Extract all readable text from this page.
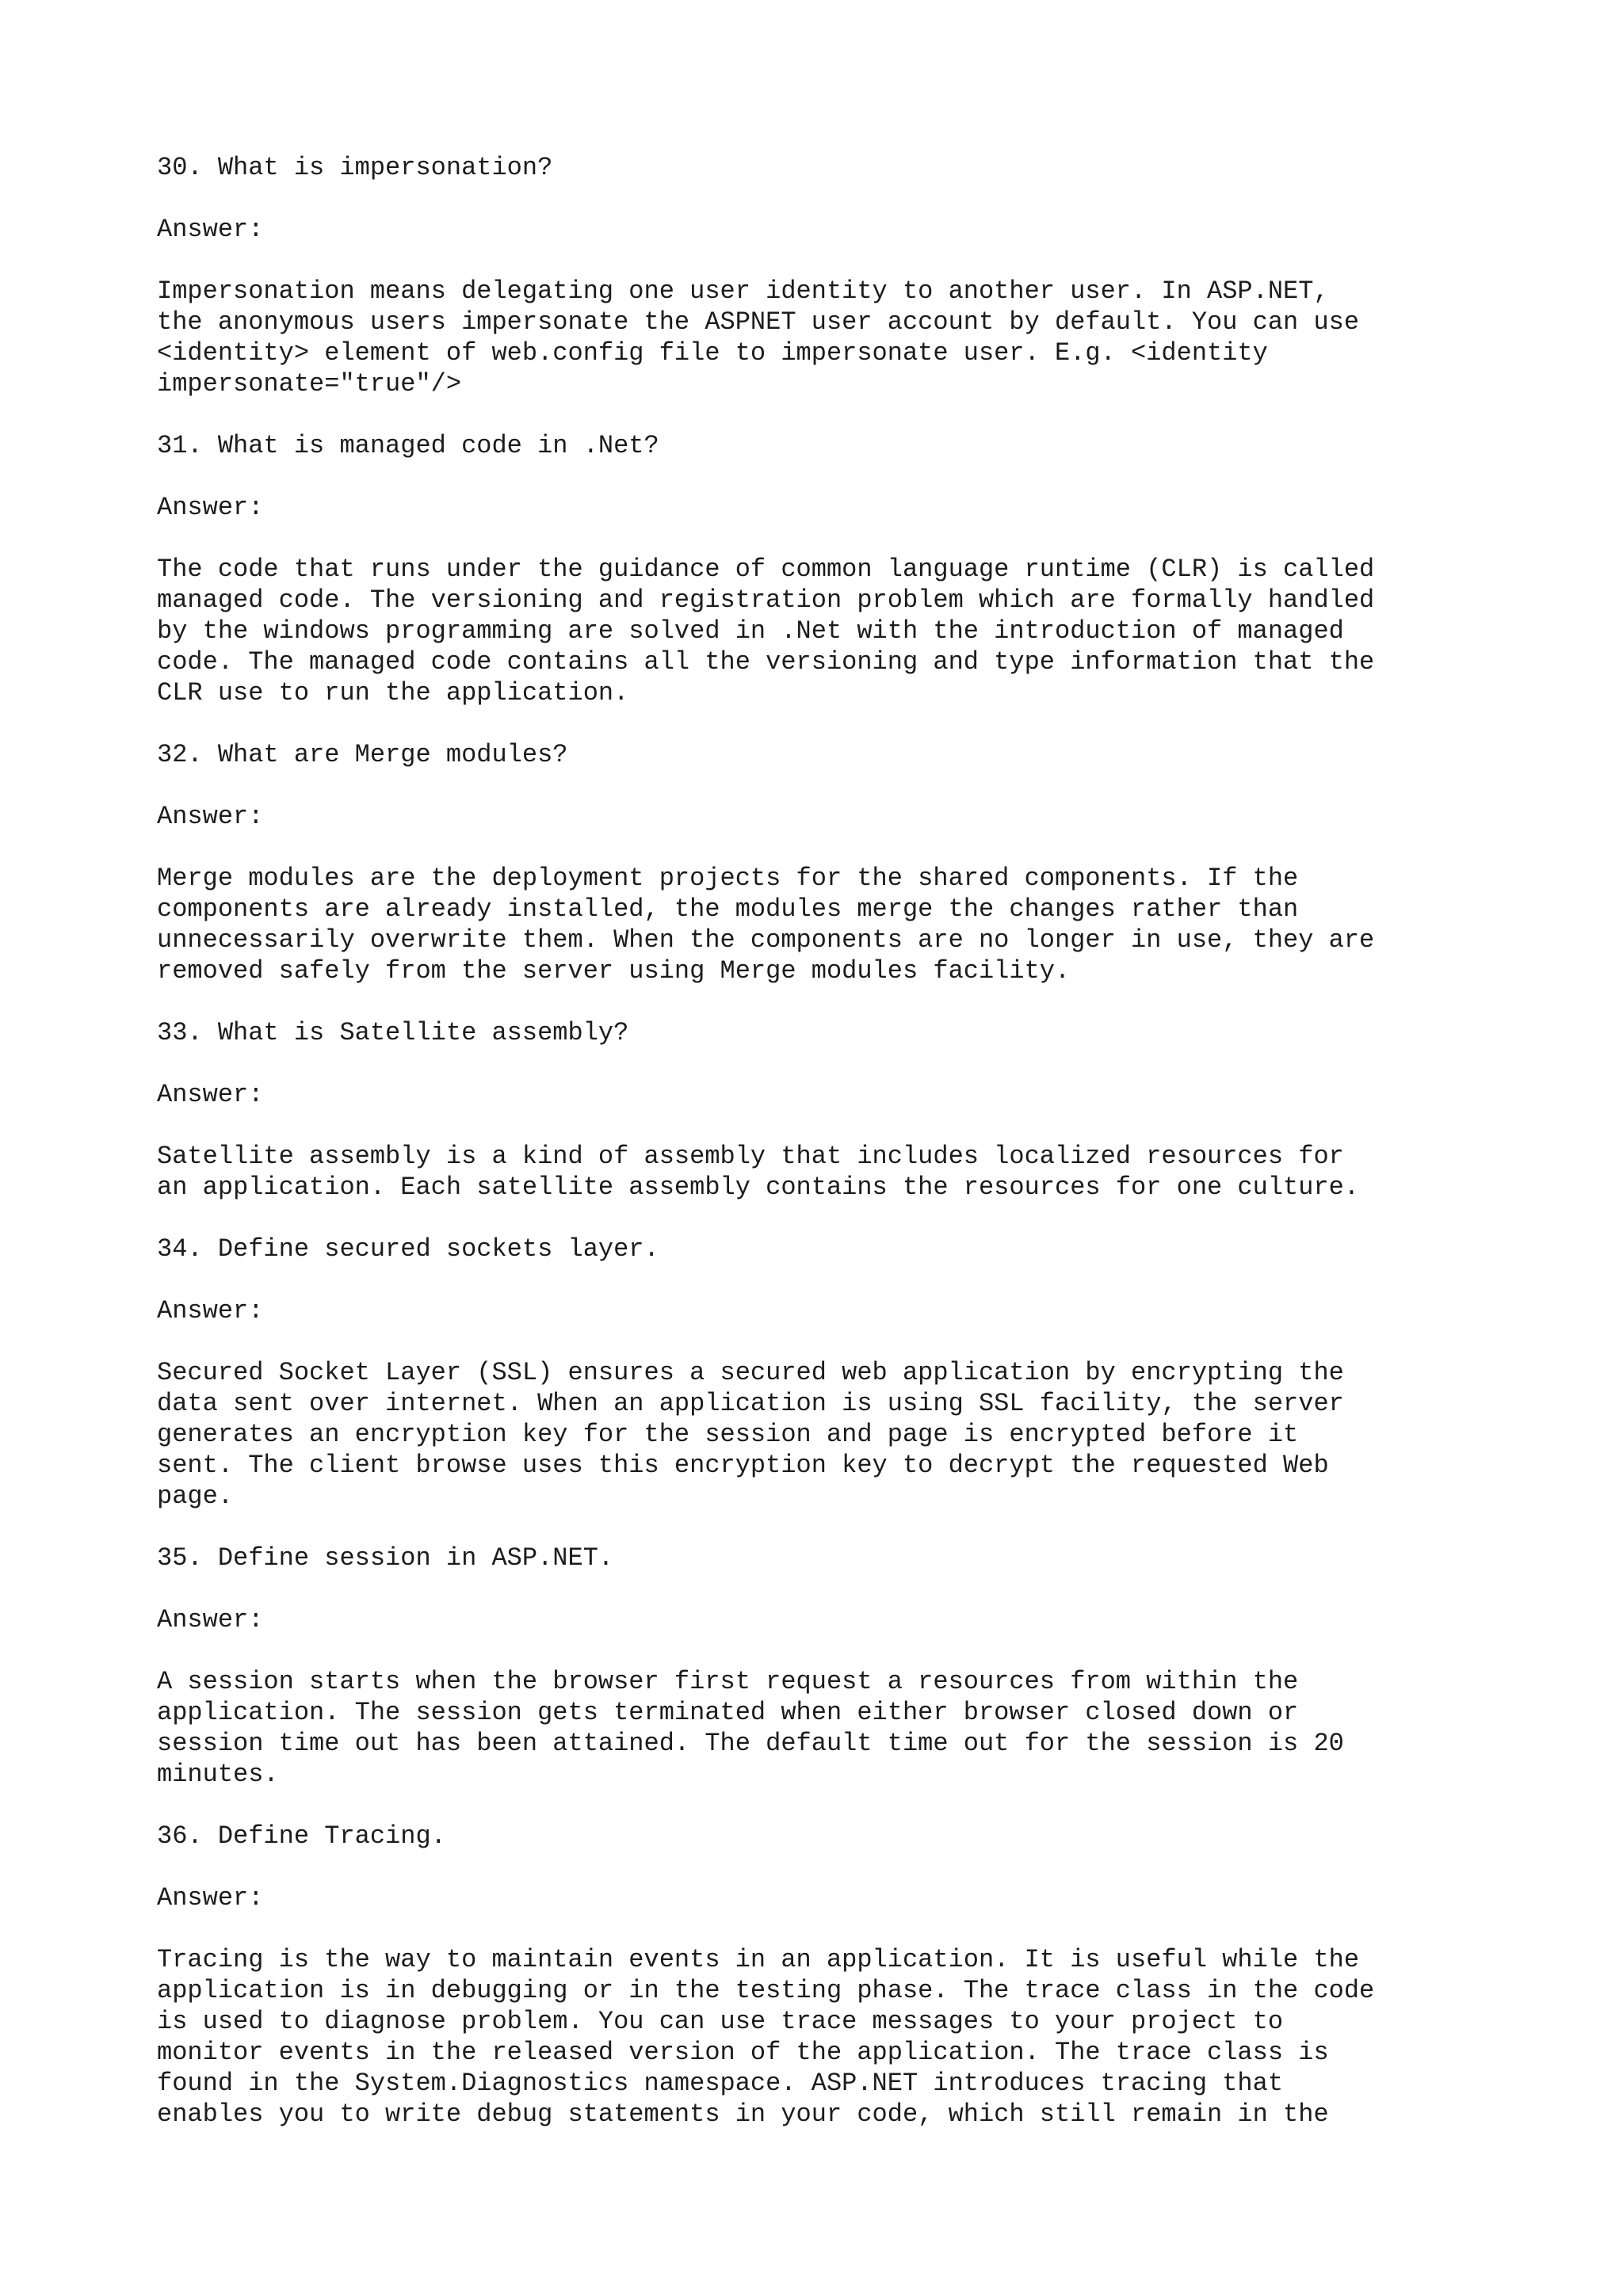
30. What is impersonation?

Answer:

Impersonation means delegating one user identity to another user. In ASP.NET,
the anonymous users impersonate the ASPNET user account by default. You can use
<identity> element of web.config file to impersonate user. E.g. <identity
impersonate="true"/>

31. What is managed code in .Net?

Answer:

The code that runs under the guidance of common language runtime (CLR) is called
managed code. The versioning and registration problem which are formally handled
by the windows programming are solved in .Net with the introduction of managed
code. The managed code contains all the versioning and type information that the
CLR use to run the application.

32. What are Merge modules?

Answer:

Merge modules are the deployment projects for the shared components. If the
components are already installed, the modules merge the changes rather than
unnecessarily overwrite them. When the components are no longer in use, they are
removed safely from the server using Merge modules facility.

33. What is Satellite assembly?

Answer:

Satellite assembly is a kind of assembly that includes localized resources for
an application. Each satellite assembly contains the resources for one culture.

34. Define secured sockets layer.

Answer:

Secured Socket Layer (SSL) ensures a secured web application by encrypting the
data sent over internet. When an application is using SSL facility, the server
generates an encryption key for the session and page is encrypted before it
sent. The client browse uses this encryption key to decrypt the requested Web
page.

35. Define session in ASP.NET.

Answer:

A session starts when the browser first request a resources from within the
application. The session gets terminated when either browser closed down or
session time out has been attained. The default time out for the session is 20
minutes.

36. Define Tracing.

Answer:

Tracing is the way to maintain events in an application. It is useful while the
application is in debugging or in the testing phase. The trace class in the code
is used to diagnose problem. You can use trace messages to your project to
monitor events in the released version of the application. The trace class is
found in the System.Diagnostics namespace. ASP.NET introduces tracing that
enables you to write debug statements in your code, which still remain in the
